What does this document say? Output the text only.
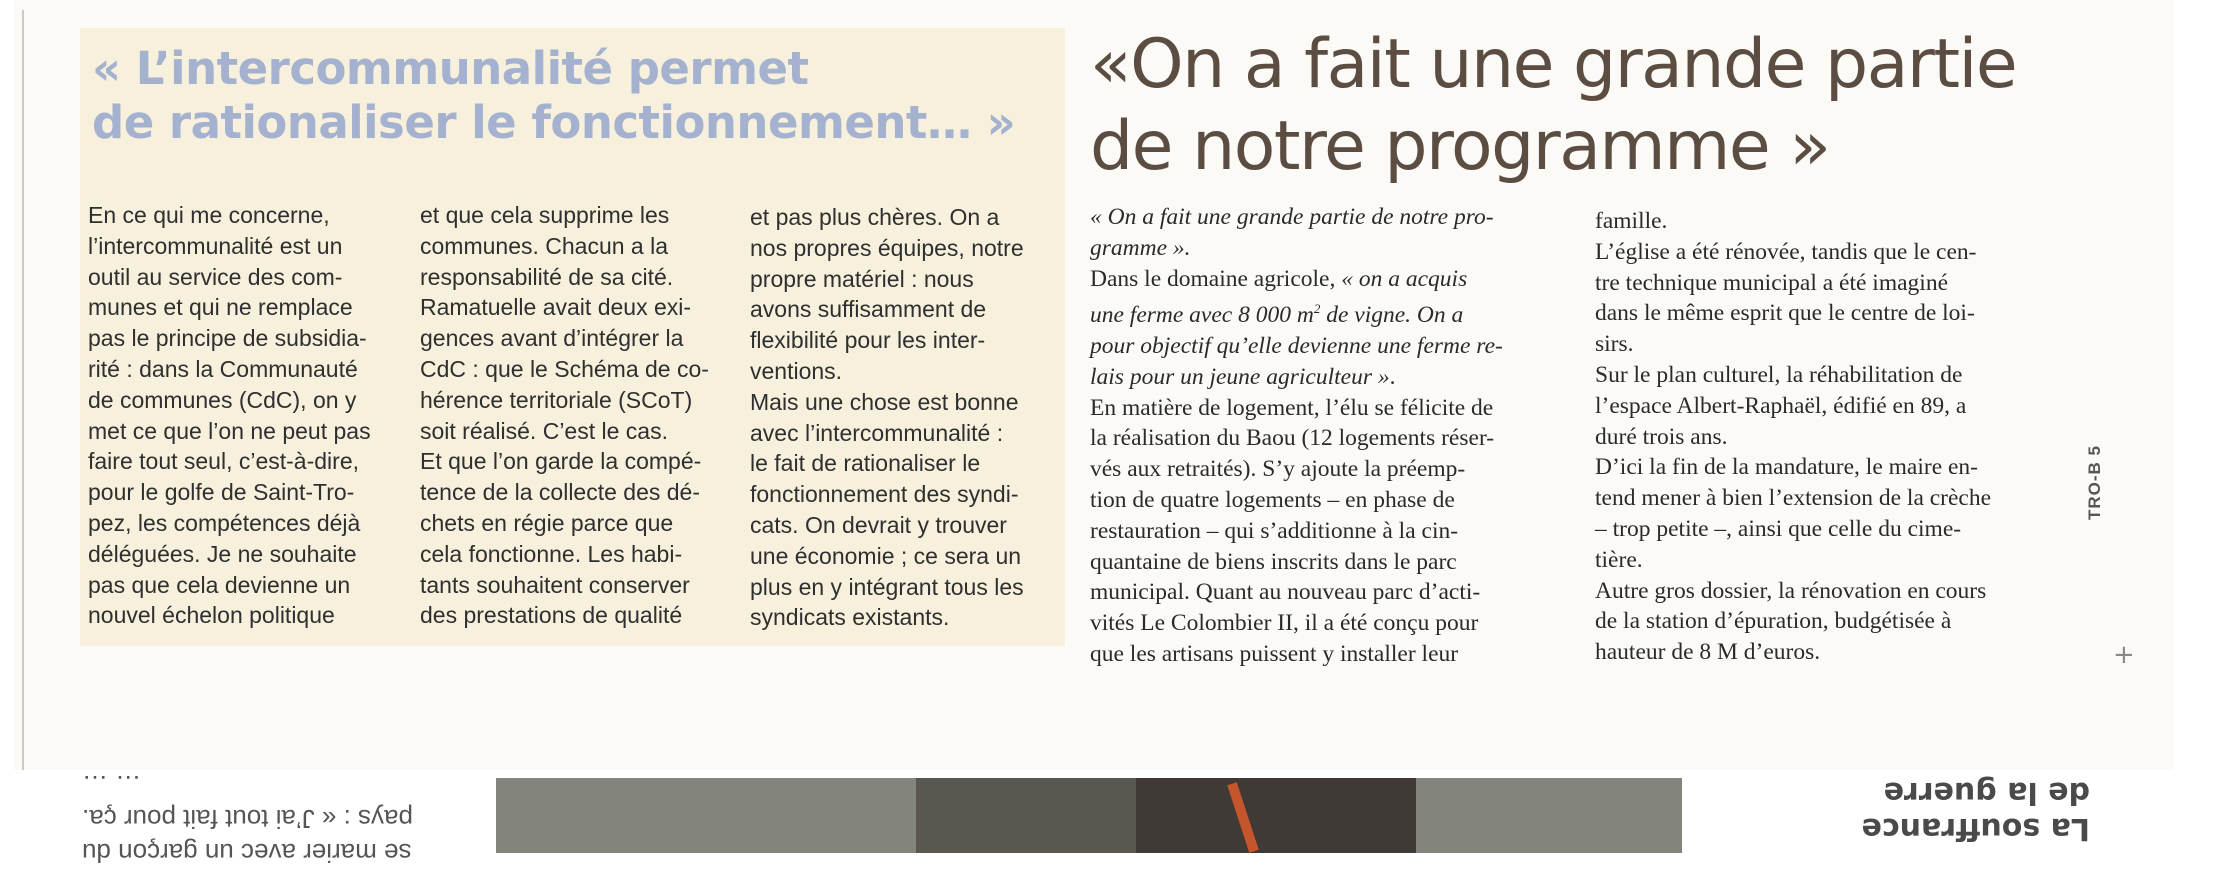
« L’intercommunalité permet
de rationaliser le fonctionnement… »

En ce qui me concerne,
l’intercommunalité est un
outil au service des com-
munes et qui ne remplace
pas le principe de subsidia-
rité : dans la Communauté
de communes (CdC), on y
met ce que l’on ne peut pas
faire tout seul, c’est-à-dire,
pour le golfe de Saint-Tro-
pez, les compétences déjà
déléguées. Je ne souhaite
pas que cela devienne un
nouvel échelon politique

et que cela supprime les
communes. Chacun a la
responsabilité de sa cité.
Ramatuelle avait deux exi-
gences avant d’intégrer la
CdC : que le Schéma de co-
hérence territoriale (SCoT)
soit réalisé. C’est le cas.
Et que l’on garde la compé-
tence de la collecte des dé-
chets en régie parce que
cela fonctionne. Les habi-
tants souhaitent conserver
des prestations de qualité

et pas plus chères. On a
nos propres équipes, notre
propre matériel : nous
avons suffisamment de
flexibilité pour les inter-
ventions.
Mais une chose est bonne
avec l’intercommunalité :
le fait de rationaliser le
fonctionnement des syndi-
cats. On devrait y trouver
une économie ; ce sera un
plus en y intégrant tous les
syndicats existants.

«On a fait une grande partie
de notre programme »

« On a fait une grande partie de notre pro-
gramme ».

Dans le domaine agricole, « on a acquis
une ferme avec 8 000 $m^2$ de vigne. On a
pour objectif qu’elle devienne une ferme re-
lais pour un jeune agriculteur ».

En matière de logement, l’élu se félicite de
la réalisation du Baou (12 logements réser-
vés aux retraités). S’y ajoute la préemp-
tion de quatre logements – en phase de
restauration – qui s’additionne à la cin-
quantaine de biens inscrits dans le parc
municipal. Quant au nouveau parc d’acti-
vités Le Colombier II, il a été conçu pour
que les artisans puissent y installer leur

famille.
L’église a été rénovée, tandis que le cen-
tre technique municipal a été imaginé
dans le même esprit que le centre de loi-
sirs.
Sur le plan culturel, la réhabilitation de
l’espace Albert-Raphaël, édifié en 89, a
duré trois ans.
D’ici la fin de la mandature, le maire en-
tend mener à bien l’extension de la crèche
– trop petite –, ainsi que celle du cime-
tière.
Autre gros dossier, la rénovation en cours
de la station d’épuration, budgétisée à
hauteur de 8 M d’euros.

TRO-B 5
+

se marier avec un garçon du
pays : « J’ai tout fait pour ça.
… …

La souffrance
de la guerre
